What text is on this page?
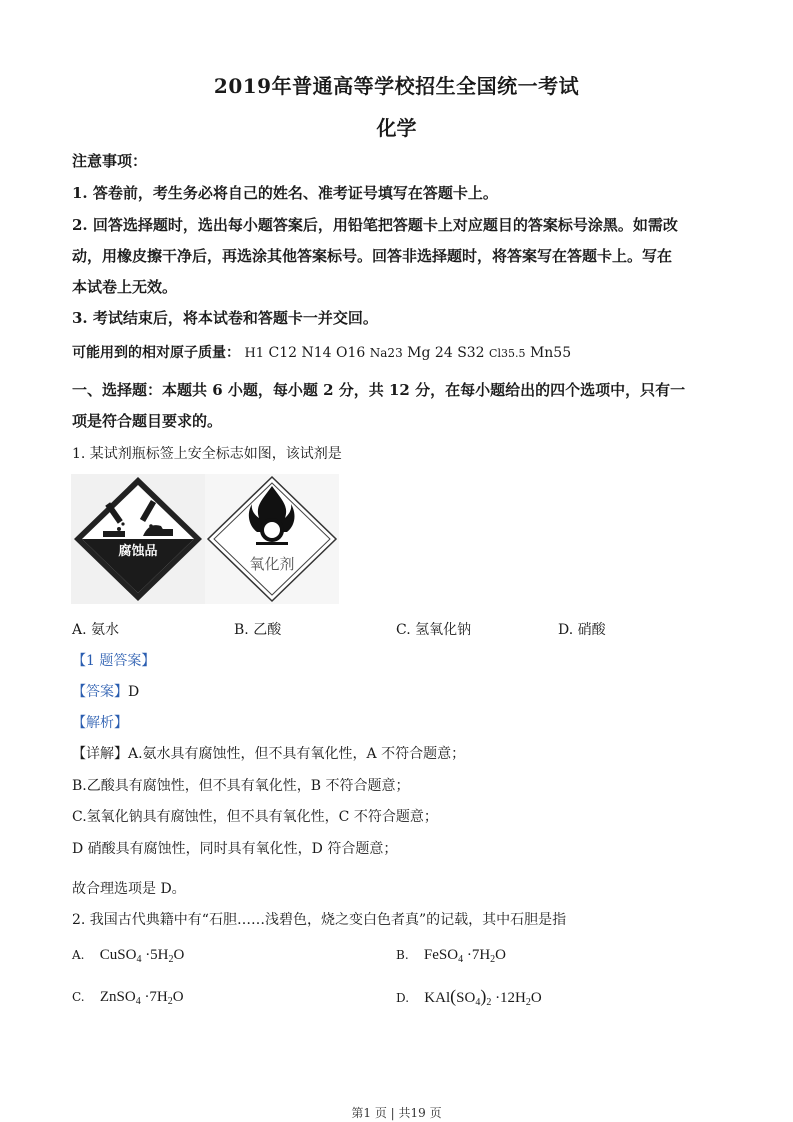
2019年普通高等学校招生全国统一考试
化学
注意事项：
1. 答卷前，考生务必将自己的姓名、准考证号填写在答题卡上。
2. 回答选择题时，选出每小题答案后，用铅笔把答题卡上对应题目的答案标号涂黑。如需改
动，用橡皮擦干净后，再选涂其他答案标号。回答非选择题时，将答案写在答题卡上。写在
本试卷上无效。
3. 考试结束后，将本试卷和答题卡一并交回。
可能用到的相对原子质量： H1 C12 N14 O16 Na23 Mg 24 S32 Cl35.5 Mn55
一、选择题：本题共 6 小题，每小题 2 分，共 12 分，在每小题给出的四个选项中，只有一
项是符合题目要求的。
1. 某试剂瓶标签上安全标志如图，该试剂是
腐蚀品
氧化剂
A. 氨水	B. 乙酸	C. 氢氧化钠	D. 硝酸
【1 题答案】
【答案】D
【解析】
【详解】A.氨水具有腐蚀性，但不具有氧化性，A 不符合题意；
B.乙酸具有腐蚀性，但不具有氧化性，B 不符合题意；
C.氢氧化钠具有腐蚀性，但不具有氧化性，C 不符合题意；
D 硝酸具有腐蚀性，同时具有氧化性，D 符合题意；
故合理选项是 D。
2. 我国古代典籍中有“石胆……浅碧色，烧之变白色者真”的记载，其中石胆是指
A. CuSO$_4$ $\cdot 5H_2O$	B. FeSO$_4$ $\cdot 7H_2O$
C. ZnSO$_4$ $\cdot 7H_2O$	D. $KAl(SO_4)_2 \cdot 12H_2O$
第1 页 | 共19 页
